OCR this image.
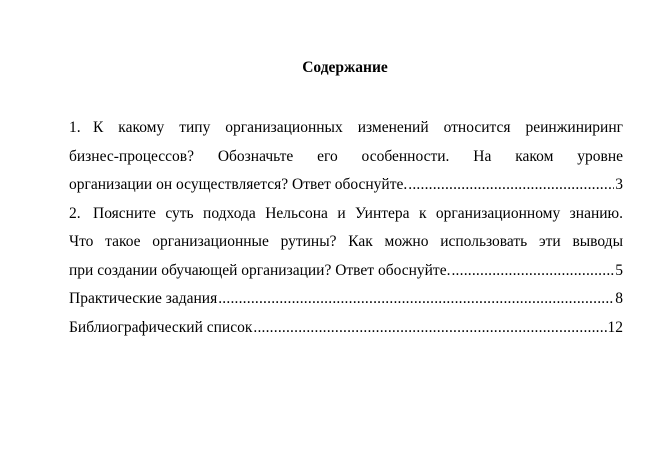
Содержание
1. К какому типу организационных изменений относится реинжиниринг
бизнес-процессов? Обозначьте его особенности. На каком уровне
организации он осуществляется? Ответ обоснуйте. .....	3
2. Поясните суть подхода Нельсона и Уинтера к организационному знанию.
Что такое организационные рутины? Как можно использовать эти выводы
при создании обучающей организации? Ответ обоснуйте. .....	5
Практические задания .....	8
Библиографический список .....	12
